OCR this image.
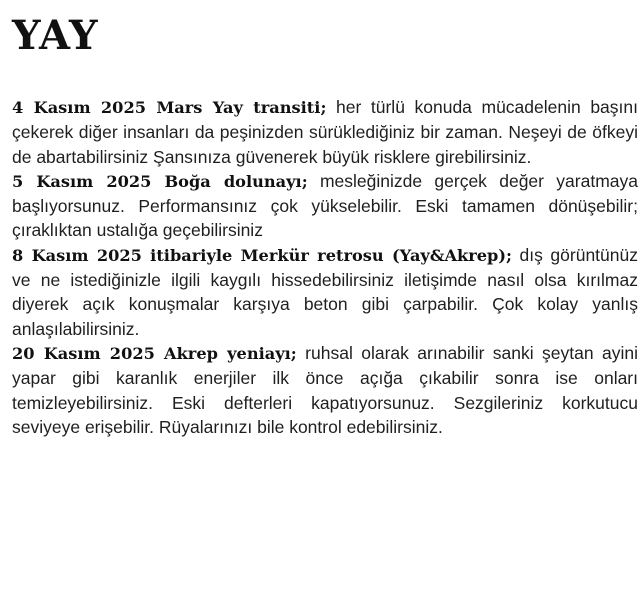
YAY

4 Kasım 2025 Mars Yay transiti; her türlü konuda mücadelenin başını çekerek diğer insanları da peşinizden sürüklediğiniz bir zaman. Neşeyi de öfkeyi de abartabilirsiniz Şansınıza güvenerek büyük risklere girebilirsiniz.

5 Kasım 2025 Boğa dolunayı; mesleğinizde gerçek değer yaratmaya başlıyorsunuz. Performansınız çok yükselebilir. Eski tamamen dönüşebilir; çıraklıktan ustalığa geçebilirsiniz

8 Kasım 2025 itibariyle Merkür retrosu (Yay&Akrep); dış görüntünüz ve ne istediğinizle ilgili kaygılı hissedebilirsiniz iletişimde nasıl olsa kırılmaz diyerek açık konuşmalar karşıya beton gibi çarpabilir. Çok kolay yanlış anlaşılabilirsiniz.

20 Kasım 2025 Akrep yeniayı; ruhsal olarak arınabilir sanki şeytan ayini yapar gibi karanlık enerjiler ilk önce açığa çıkabilir sonra ise onları temizleyebilirsiniz. Eski defterleri kapatıyorsunuz. Sezgileriniz korkutucu seviyeye erişebilir. Rüyalarınızı bile kontrol edebilirsiniz.
